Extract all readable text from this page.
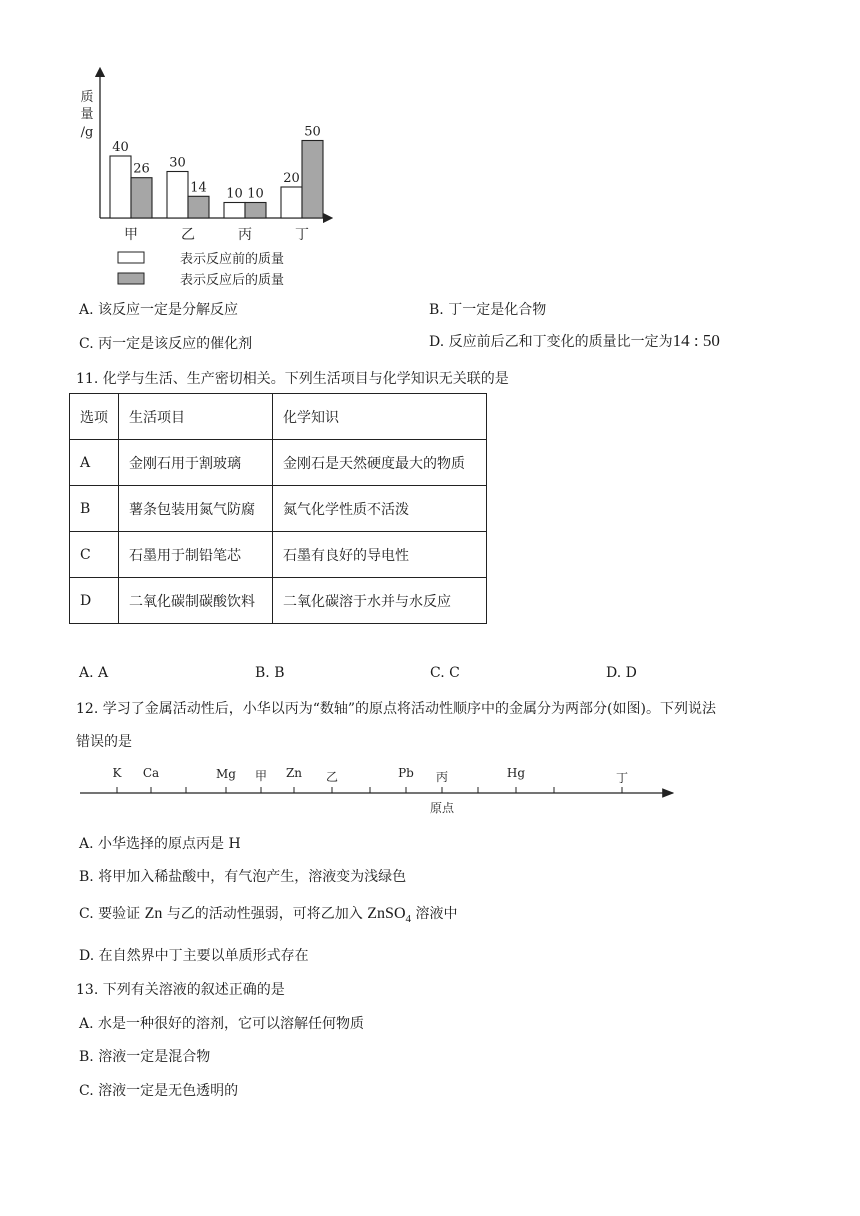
质
量
/g
40
26 30
14 10 10
20
50
甲	乙	丙	丁
表示反应前的质量
表示反应后的质量
A. 该反应一定是分解反应	B. 丁一定是化合物
C. 丙一定是该反应的催化剂	D. 反应前后乙和丁变化的质量比一定为14 : 50
11. 化学与生活、生产密切相关。下列生活项目与化学知识无关联的是
选项	生活项目	化学知识
A	金刚石用于割玻璃	金刚石是天然硬度最大的物质
B	薯条包装用氮气防腐	氮气化学性质不活泼
C	石墨用于制铅笔芯	石墨有良好的导电性
D	二氧化碳制碳酸饮料	二氧化碳溶于水并与水反应
A. A	B. B	C. C	D. D
12. 学习了金属活动性后，小华以丙为“数轴”的原点将活动性顺序中的金属分为两部分(如图)。下列说法
错误的是
K Ca	Mg 甲 Zn 乙	Pb 丙	Hg	丁
原点
A. 小华选择的原点丙是 H
B. 将甲加入稀盐酸中，有气泡产生，溶液变为浅绿色
C. 要验证 Zn 与乙的活动性强弱，可将乙加入 ZnSO$_4$ 溶液中
D. 在自然界中丁主要以单质形式存在
13. 下列有关溶液的叙述正确的是
A. 水是一种很好的溶剂，它可以溶解任何物质
B. 溶液一定是混合物
C. 溶液一定是无色透明的
